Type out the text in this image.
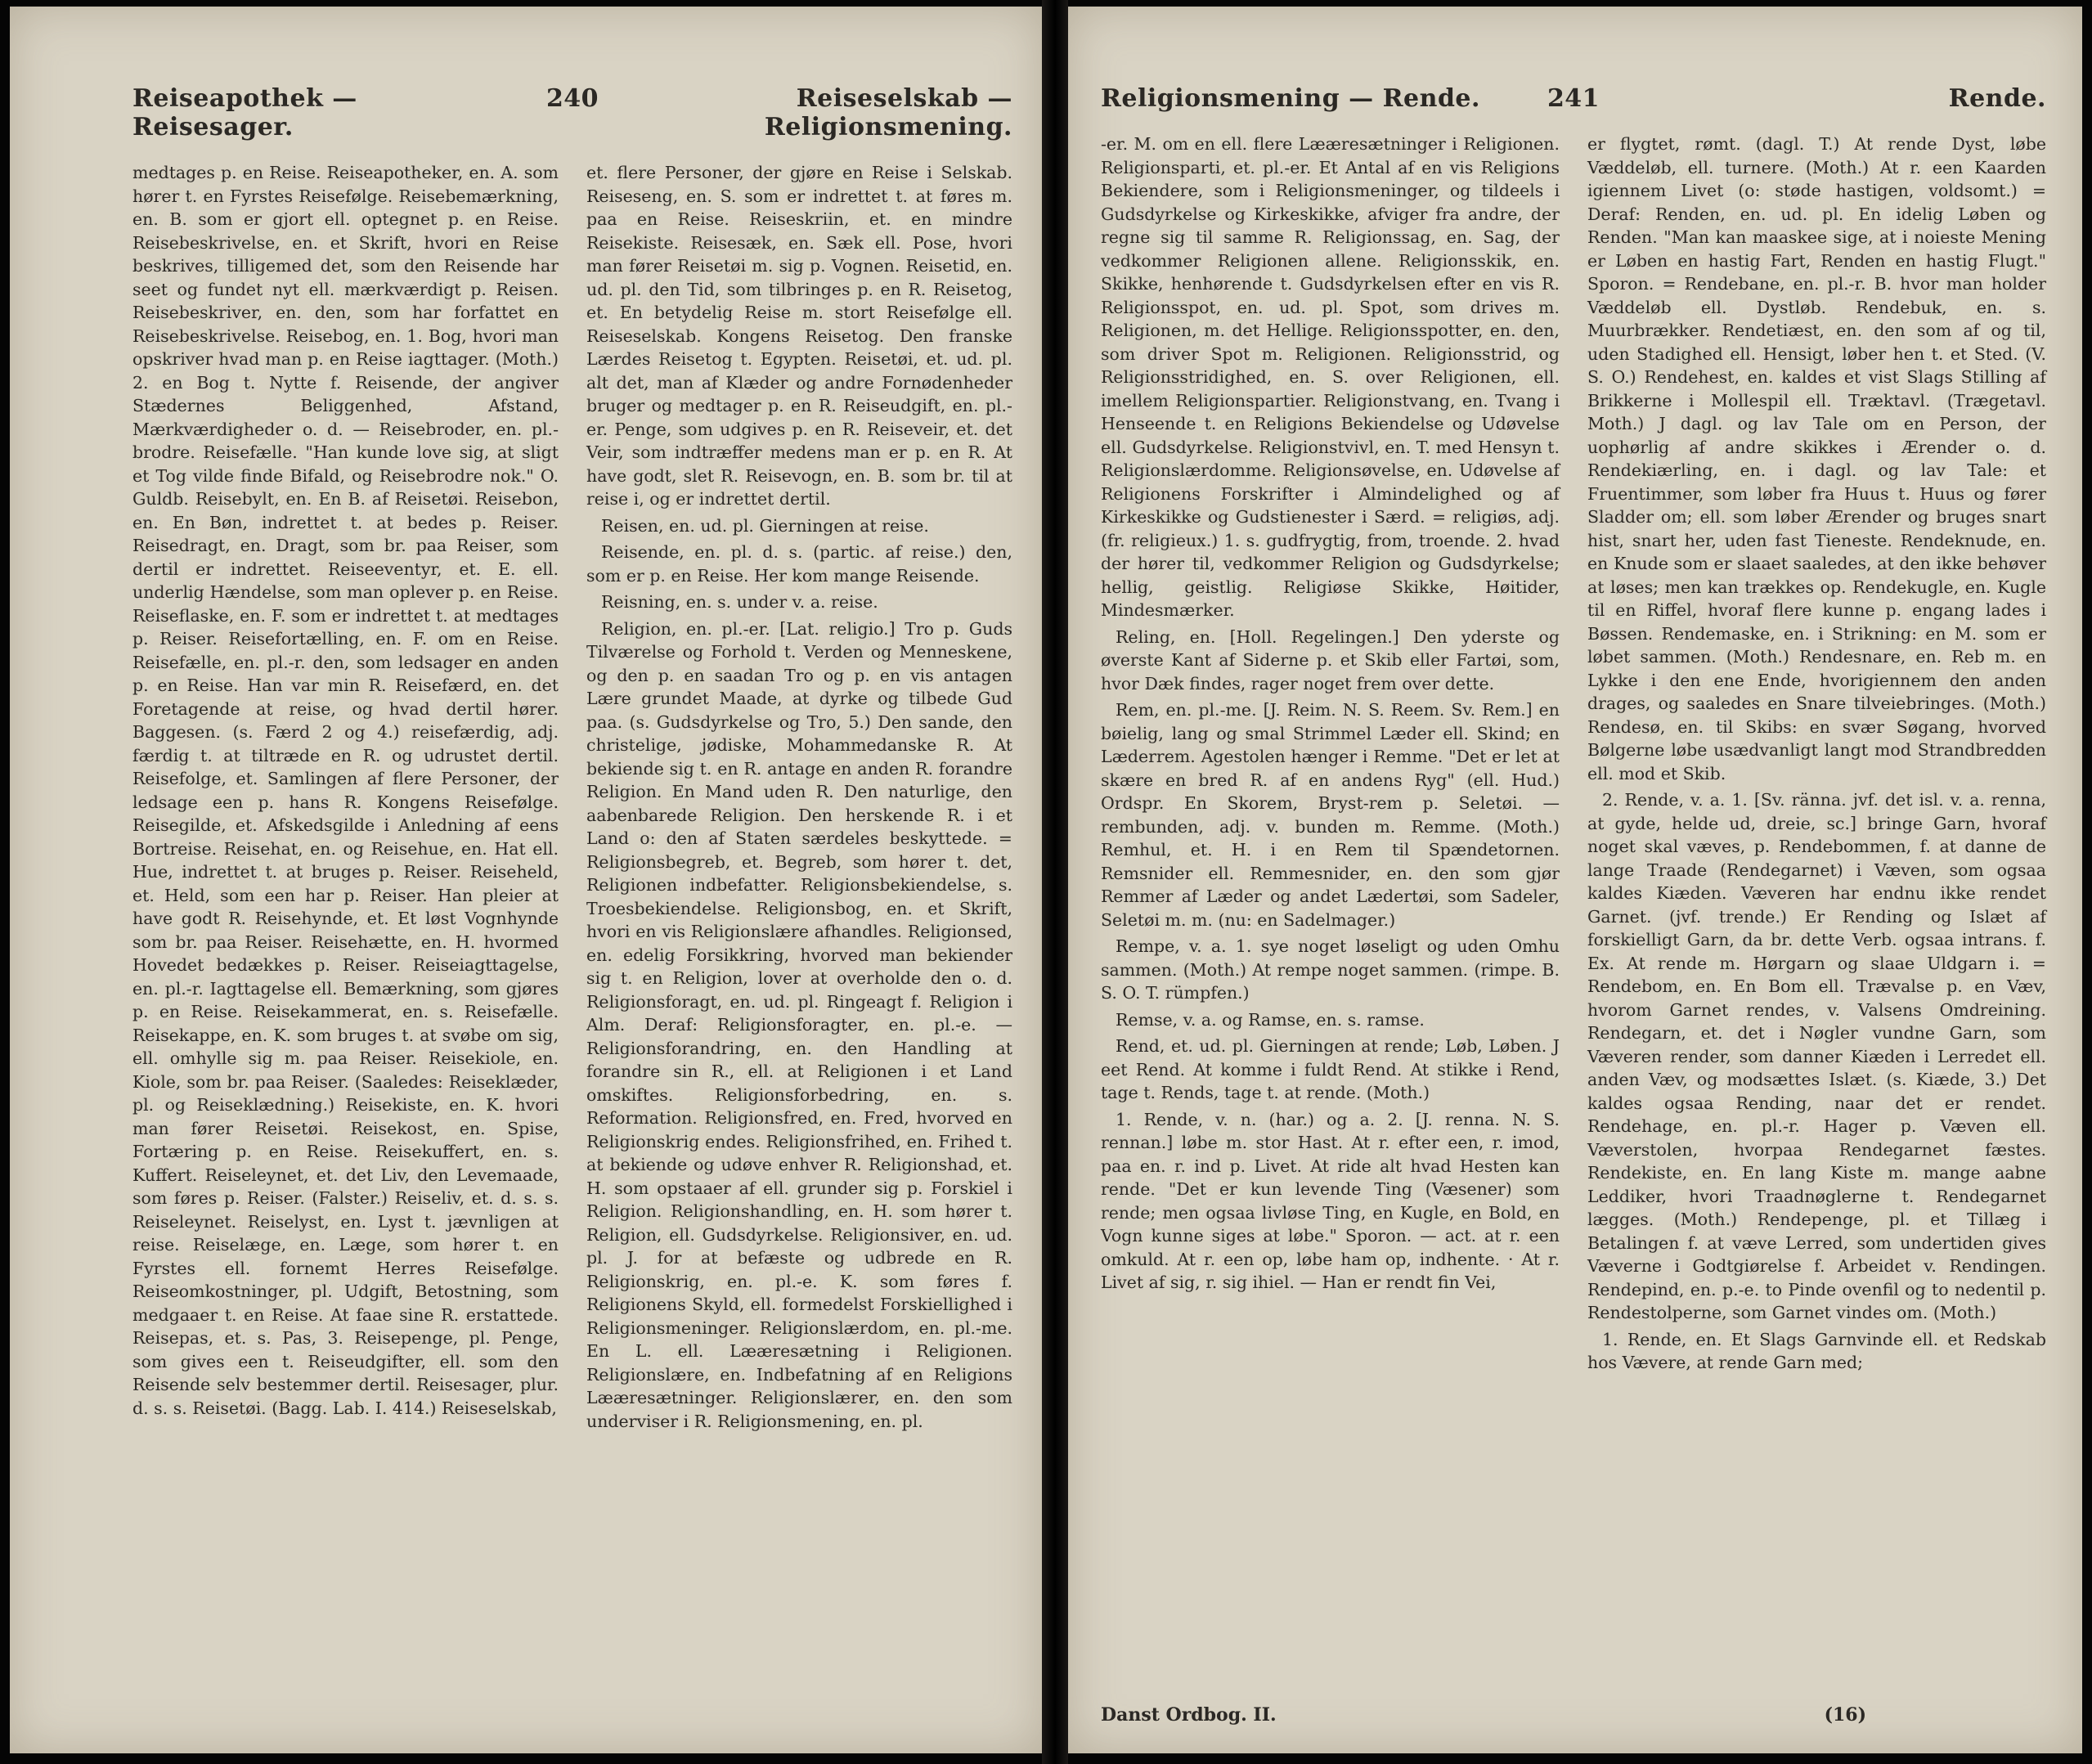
Reiseapothek — Reisesager.
240	Reiseselskab — Religionsmening.

medtages p. en Reise. Reiseapotheker, en. A. som hører t. en Fyrstes Reisefølge. Reisebemærkning, en. B. som er gjort ell. optegnet p. en Reise. Reisebeskrivelse, en. et Skrift, hvori en Reise beskrives, tilligemed det, som den Reisende har seet og fundet nyt ell. mærkværdigt p. Reisen. Reisebeskriver, en. den, som har forfattet en Reisebeskrivelse. Reisebog, en. 1. Bog, hvori man opskriver hvad man p. en Reise iagttager. (Moth.) 2. en Bog t. Nytte f. Reisende, der angiver Stædernes Beliggenhed, Afstand, Mærkværdigheder o. d. — Reisebroder, en. pl.-brodre. Reisefælle. "Han kunde love sig, at sligt et Tog vilde finde Bifald, og Reisebrodre nok." O. Guldb. Reisebylt, en. En B. af Reisetøi. Reisebon, en. En Bøn, indrettet t. at bedes p. Reiser. Reisedragt, en. Dragt, som br. paa Reiser, som dertil er indrettet. Reiseeventyr, et. E. ell. underlig Hændelse, som man oplever p. en Reise. Reiseflaske, en. F. som er indrettet t. at medtages p. Reiser. Reisefortælling, en. F. om en Reise. Reisefælle, en. pl.-r. den, som ledsager en anden p. en Reise. Han var min R. Reisefærd, en. det Foretagende at reise, og hvad dertil hører. Baggesen. (s. Færd 2 og 4.) reisefærdig, adj. færdig t. at tiltræde en R. og udrustet dertil. Reisefolge, et. Samlingen af flere Personer, der ledsage een p. hans R. Kongens Reisefølge. Reisegilde, et. Afskedsgilde i Anledning af eens Bortreise. Reisehat, en. og Reisehue, en. Hat ell. Hue, indrettet t. at bruges p. Reiser. Reiseheld, et. Held, som een har p. Reiser. Han pleier at have godt R. Reisehynde, et. Et løst Vognhynde som br. paa Reiser. Reisehætte, en. H. hvormed Hovedet bedækkes p. Reiser. Reiseiagttagelse, en. pl.-r. Iagttagelse ell. Bemærkning, som gjøres p. en Reise. Reisekammerat, en. s. Reisefælle. Reisekappe, en. K. som bruges t. at svøbe om sig, ell. omhylle sig m. paa Reiser. Reisekiole, en. Kiole, som br. paa Reiser. (Saaledes: Reiseklæder, pl. og Reiseklædning.) Reisekiste, en. K. hvori man fører Reisetøi. Reisekost, en. Spise, Fortæring p. en Reise. Reisekuffert, en. s. Kuffert. Reiseleynet, et. det Liv, den Levemaade, som føres p. Reiser. (Falster.) Reiseliv, et. d. s. s. Reiseleynet. Reiselyst, en. Lyst t. jævnligen at reise. Reiselæge, en. Læge, som hører t. en Fyrstes ell. fornemt Herres Reisefølge. Reiseomkostninger, pl. Udgift, Betostning, som medgaaer t. en Reise. At faae sine R. erstattede. Reisepas, et. s. Pas, 3. Reisepenge, pl. Penge, som gives een t. Reiseudgifter, ell. som den Reisende selv bestemmer dertil. Reisesager, plur. d. s. s. Reisetøi. (Bagg. Lab. I. 414.) Reiseselskab,

et. flere Personer, der gjøre en Reise i Selskab. Reiseseng, en. S. som er indrettet t. at føres m. paa en Reise. Reiseskriin, et. en mindre Reisekiste. Reisesæk, en. Sæk ell. Pose, hvori man fører Reisetøi m. sig p. Vognen. Reisetid, en. ud. pl. den Tid, som tilbringes p. en R. Reisetog, et. En betydelig Reise m. stort Reisefølge ell. Reiseselskab. Kongens Reisetog. Den franske Lærdes Reisetog t. Egypten. Reisetøi, et. ud. pl. alt det, man af Klæder og andre Fornødenheder bruger og medtager p. en R. Reiseudgift, en. pl.-er. Penge, som udgives p. en R. Reiseveir, et. det Veir, som indtræffer medens man er p. en R. At have godt, slet R. Reisevogn, en. B. som br. til at reise i, og er indrettet dertil.

Reisen, en. ud. pl. Gierningen at reise.

Reisende, en. pl. d. s. (partic. af reise.) den, som er p. en Reise. Her kom mange Reisende.

Reisning, en. s. under v. a. reise.

Religion, en. pl.-er. [Lat. religio.] Tro p. Guds Tilværelse og Forhold t. Verden og Menneskene, og den p. en saadan Tro og p. en vis antagen Lære grundet Maade, at dyrke og tilbede Gud paa. (s. Gudsdyrkelse og Tro, 5.) Den sande, den christelige, jødiske, Mohammedanske R. At bekiende sig t. en R. antage en anden R. forandre Religion. En Mand uden R. Den naturlige, den aabenbarede Religion. Den herskende R. i et Land o: den af Staten særdeles beskyttede. = Religionsbegreb, et. Begreb, som hører t. det, Religionen indbefatter. Religionsbekiendelse, s. Troesbekiendelse. Religionsbog, en. et Skrift, hvori en vis Religionslære afhandles. Religionsed, en. edelig Forsikkring, hvorved man bekiender sig t. en Religion, lover at overholde den o. d. Religionsforagt, en. ud. pl. Ringeagt f. Religion i Alm. Deraf: Religionsforagter, en. pl.-e. — Religionsforandring, en. den Handling at forandre sin R., ell. at Religionen i et Land omskiftes. Religionsforbedring, en. s. Reformation. Religionsfred, en. Fred, hvorved en Religionskrig endes. Religionsfrihed, en. Frihed t. at bekiende og udøve enhver R. Religionshad, et. H. som opstaaer af ell. grunder sig p. Forskiel i Religion. Religionshandling, en. H. som hører t. Religion, ell. Gudsdyrkelse. Religionsiver, en. ud. pl. J. for at befæste og udbrede en R. Religionskrig, en. pl.-e. K. som føres f. Religionens Skyld, ell. formedelst Forskiellighed i Religionsmeninger. Religionslærdom, en. pl.-me. En L. ell. Lææresætning i Religionen. Religionslære, en. Indbefatning af en Religions Lææresætninger. Religionslærer, en. den som underviser i R. Religionsmening, en. pl.

Religionsmening — Rende.	241	Rende.

-er. M. om en ell. flere Lææresætninger i Religionen. Religionsparti, et. pl.-er. Et Antal af en vis Religions Bekiendere, som i Religionsmeninger, og tildeels i Gudsdyrkelse og Kirkeskikke, afviger fra andre, der regne sig til samme R. Religionssag, en. Sag, der vedkommer Religionen allene. Religionsskik, en. Skikke, henhørende t. Gudsdyrkelsen efter en vis R. Religionsspot, en. ud. pl. Spot, som drives m. Religionen, m. det Hellige. Religionsspotter, en. den, som driver Spot m. Religionen. Religionsstrid, og Religionsstridighed, en. S. over Religionen, ell. imellem Religionspartier. Religionstvang, en. Tvang i Henseende t. en Religions Bekiendelse og Udøvelse ell. Gudsdyrkelse. Religionstvivl, en. T. med Hensyn t. Religionslærdomme. Religionsøvelse, en. Udøvelse af Religionens Forskrifter i Almindelighed og af Kirkeskikke og Gudstienester i Særd. = religiøs, adj. (fr. religieux.) 1. s. gudfrygtig, from, troende. 2. hvad der hører til, vedkommer Religion og Gudsdyrkelse; hellig, geistlig. Religiøse Skikke, Høitider, Mindesmærker.

Reling, en. [Holl. Regelingen.] Den yderste og øverste Kant af Siderne p. et Skib eller Fartøi, som, hvor Dæk findes, rager noget frem over dette.

Rem, en. pl.-me. [J. Reim. N. S. Reem. Sv. Rem.] en bøielig, lang og smal Strimmel Læder ell. Skind; en Læderrem. Agestolen hænger i Remme. "Det er let at skære en bred R. af en andens Ryg" (ell. Hud.) Ordspr. En Skorem, Bryst-rem p. Seletøi. — rembunden, adj. v. bunden m. Remme. (Moth.) Remhul, et. H. i en Rem til Spændetornen. Remsnider ell. Remmesnider, en. den som gjør Remmer af Læder og andet Lædertøi, som Sadeler, Seletøi m. m. (nu: en Sadelmager.)

Rempe, v. a. 1. sye noget løseligt og uden Omhu sammen. (Moth.) At rempe noget sammen. (rimpe. B. S. O. T. rümpfen.)

Remse, v. a. og Ramse, en. s. ramse.

Rend, et. ud. pl. Gierningen at rende; Løb, Løben. J eet Rend. At komme i fuldt Rend. At stikke i Rend, tage t. Rends, tage t. at rende. (Moth.)

1. Rende, v. n. (har.) og a. 2. [J. renna. N. S. rennan.] løbe m. stor Hast. At r. efter een, r. imod, paa en. r. ind p. Livet. At ride alt hvad Hesten kan rende. "Det er kun levende Ting (Væsener) som rende; men ogsaa livløse Ting, en Kugle, en Bold, en Vogn kunne siges at løbe." Sporon. — act. at r. een omkuld. At r. een op, løbe ham op, indhente. · At r. Livet af sig, r. sig ihiel. — Han er rendt fin Vei,

er flygtet, rømt. (dagl. T.) At rende Dyst, løbe Væddeløb, ell. turnere. (Moth.) At r. een Kaarden igiennem Livet (o: støde hastigen, voldsomt.) = Deraf: Renden, en. ud. pl. En idelig Løben og Renden. "Man kan maaskee sige, at i noieste Mening er Løben en hastig Fart, Renden en hastig Flugt." Sporon. = Rendebane, en. pl.-r. B. hvor man holder Væddeløb ell. Dystløb. Rendebuk, en. s. Muurbrækker. Rendetiæst, en. den som af og til, uden Stadighed ell. Hensigt, løber hen t. et Sted. (V. S. O.) Rendehest, en. kaldes et vist Slags Stilling af Brikkerne i Mollespil ell. Træktavl. (Trægetavl. Moth.) J dagl. og lav Tale om en Person, der uophørlig af andre skikkes i Ærender o. d. Rendekiærling, en. i dagl. og lav Tale: et Fruentimmer, som løber fra Huus t. Huus og fører Sladder om; ell. som løber Ærender og bruges snart hist, snart her, uden fast Tieneste. Rendeknude, en. en Knude som er slaaet saaledes, at den ikke behøver at løses; men kan trækkes op. Rendekugle, en. Kugle til en Riffel, hvoraf flere kunne p. engang lades i Bøssen. Rendemaske, en. i Strikning: en M. som er løbet sammen. (Moth.) Rendesnare, en. Reb m. en Lykke i den ene Ende, hvorigiennem den anden drages, og saaledes en Snare tilveiebringes. (Moth.) Rendesø, en. til Skibs: en svær Søgang, hvorved Bølgerne løbe usædvanligt langt mod Strandbredden ell. mod et Skib.

2. Rende, v. a. 1. [Sv. ränna. jvf. det isl. v. a. renna, at gyde, helde ud, dreie, sc.] bringe Garn, hvoraf noget skal væves, p. Rendebommen, f. at danne de lange Traade (Rendegarnet) i Væven, som ogsaa kaldes Kiæden. Væveren har endnu ikke rendet Garnet. (jvf. trende.) Er Rending og Islæt af forskielligt Garn, da br. dette Verb. ogsaa intrans. f. Ex. At rende m. Hørgarn og slaae Uldgarn i. = Rendebom, en. En Bom ell. Trævalse p. en Væv, hvorom Garnet rendes, v. Valsens Omdreining. Rendegarn, et. det i Nøgler vundne Garn, som Væveren render, som danner Kiæden i Lerredet ell. anden Væv, og modsættes Islæt. (s. Kiæde, 3.) Det kaldes ogsaa Rending, naar det er rendet. Rendehage, en. pl.-r. Hager p. Væven ell. Væverstolen, hvorpaa Rendegarnet fæstes. Rendekiste, en. En lang Kiste m. mange aabne Leddiker, hvori Traadnøglerne t. Rendegarnet lægges. (Moth.) Rendepenge, pl. et Tillæg i Betalingen f. at væve Lerred, som undertiden gives Væverne i Godtgiørelse f. Arbeidet v. Rendingen. Rendepind, en. p.-e. to Pinde ovenfil og to nedentil p. Rendestolperne, som Garnet vindes om. (Moth.)

1. Rende, en. Et Slags Garnvinde ell. et Redskab hos Vævere, at rende Garn med;

Danst Ordbog. II.	(16)
